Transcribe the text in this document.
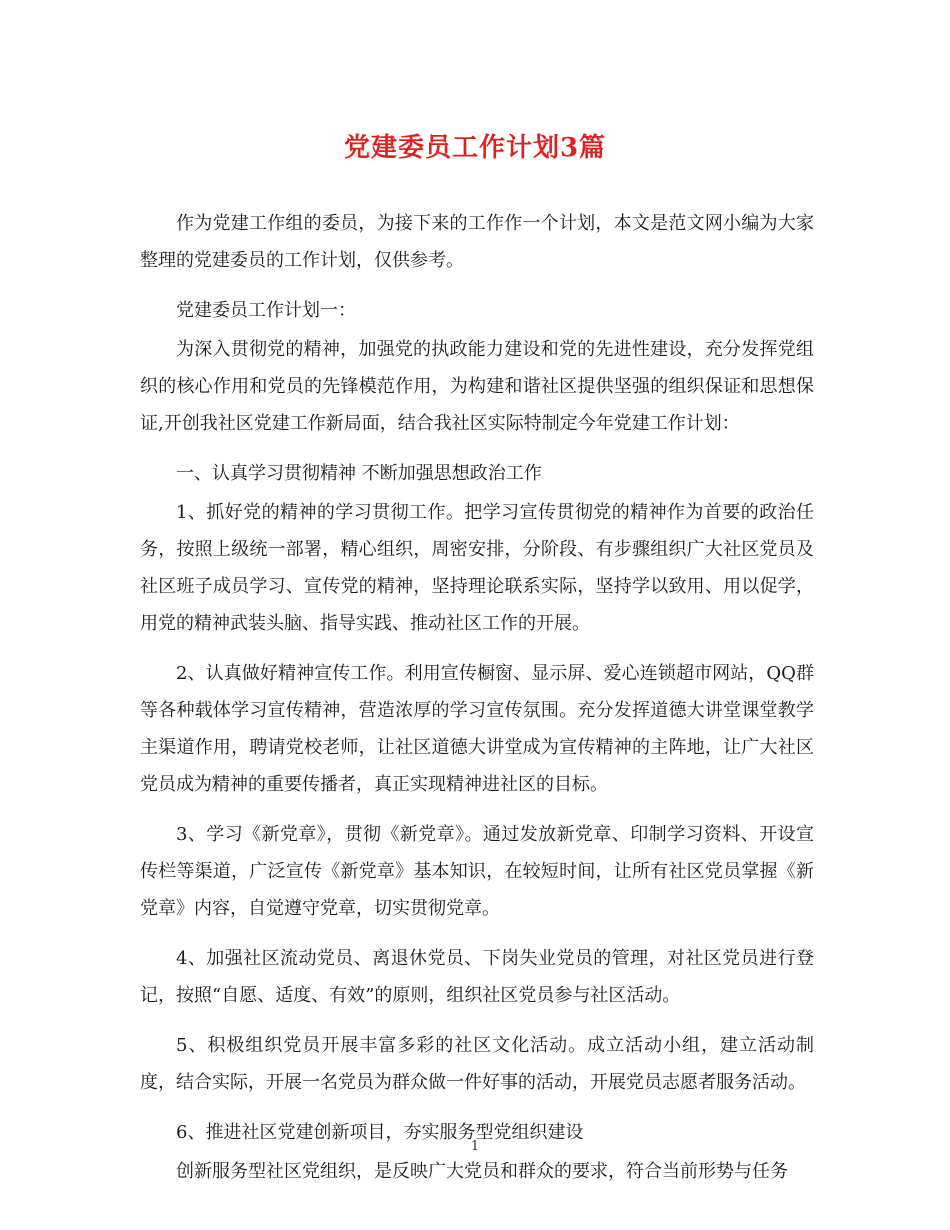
党建委员工作计划3篇

作为党建工作组的委员，为接下来的工作作一个计划，本文是范文网小编为大家整理的党建委员的工作计划，仅供参考。

党建委员工作计划一：

为深入贯彻党的精神，加强党的执政能力建设和党的先进性建设，充分发挥党组织的核心作用和党员的先锋模范作用，为构建和谐社区提供坚强的组织保证和思想保证,开创我社区党建工作新局面，结合我社区实际特制定今年党建工作计划：

一、认真学习贯彻精神 不断加强思想政治工作

1、抓好党的精神的学习贯彻工作。把学习宣传贯彻党的精神作为首要的政治任务，按照上级统一部署，精心组织，周密安排，分阶段、有步骤组织广大社区党员及社区班子成员学习、宣传党的精神，坚持理论联系实际，坚持学以致用、用以促学，用党的精神武装头脑、指导实践、推动社区工作的开展。

2、认真做好精神宣传工作。利用宣传橱窗、显示屏、爱心连锁超市网站，QQ群等各种载体学习宣传精神，营造浓厚的学习宣传氛围。充分发挥道德大讲堂课堂教学主渠道作用，聘请党校老师，让社区道德大讲堂成为宣传精神的主阵地，让广大社区党员成为精神的重要传播者，真正实现精神进社区的目标。

3、学习《新党章》，贯彻《新党章》。通过发放新党章、印制学习资料、开设宣传栏等渠道，广泛宣传《新党章》基本知识，在较短时间，让所有社区党员掌握《新党章》内容，自觉遵守党章，切实贯彻党章。

4、加强社区流动党员、离退休党员、下岗失业党员的管理，对社区党员进行登记，按照“自愿、适度、有效”的原则，组织社区党员参与社区活动。

5、积极组织党员开展丰富多彩的社区文化活动。成立活动小组，建立活动制度，结合实际，开展一名党员为群众做一件好事的活动，开展党员志愿者服务活动。

6、推进社区党建创新项目，夯实服务型党组织建设

创新服务型社区党组织，是反映广大党员和群众的要求，符合当前形势与任务

1
